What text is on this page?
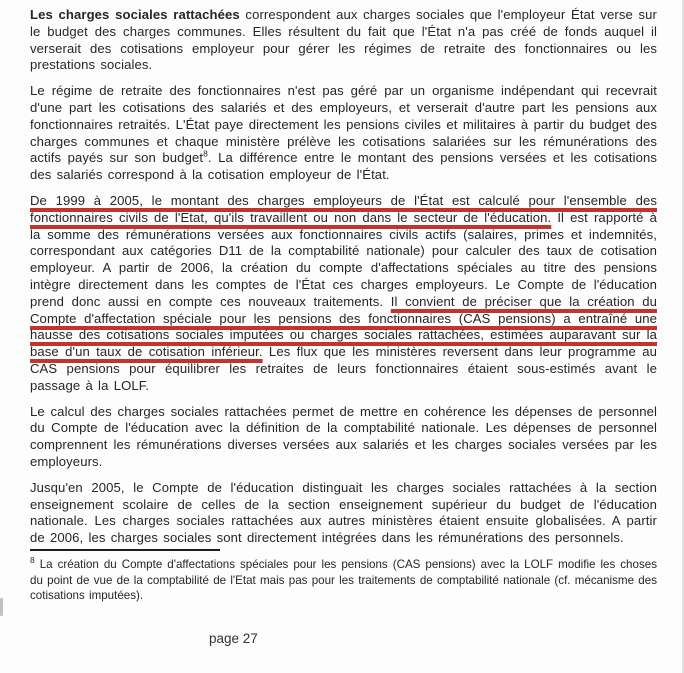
Les charges sociales rattachées correspondent aux charges sociales que l'employeur État verse sur le budget des charges communes. Elles résultent du fait que l'État n'a pas créé de fonds auquel il verserait des cotisations employeur pour gérer les régimes de retraite des fonctionnaires ou les prestations sociales.

Le régime de retraite des fonctionnaires n'est pas géré par un organisme indépendant qui recevrait d'une part les cotisations des salariés et des employeurs, et verserait d'autre part les pensions aux fonctionnaires retraités. L'État paye directement les pensions civiles et militaires à partir du budget des charges communes et chaque ministère prélève les cotisations salariées sur les rémunérations des actifs payés sur son budget$^8$. La différence entre le montant des pensions versées et les cotisations des salariés correspond à la cotisation employeur de l'État.

De 1999 à 2005, le montant des charges employeurs de l'État est calculé pour l'ensemble des fonctionnaires civils de l'Etat, qu'ils travaillent ou non dans le secteur de l'éducation. Il est rapporté à la somme des rémunérations versées aux fonctionnaires civils actifs (salaires, primes et indemnités, correspondant aux catégories D11 de la comptabilité nationale) pour calculer des taux de cotisation employeur. A partir de 2006, la création du compte d'affectations spéciales au titre des pensions intègre directement dans les comptes de l'État ces charges employeurs. Le Compte de l'éducation prend donc aussi en compte ces nouveaux traitements. Il convient de préciser que la création du Compte d'affectation spéciale pour les pensions des fonctionnaires (CAS pensions) a entraîné une hausse des cotisations sociales imputées ou charges sociales rattachées, estimées auparavant sur la base d'un taux de cotisation inférieur. Les flux que les ministères reversent dans leur programme au CAS pensions pour équilibrer les retraites de leurs fonctionnaires étaient sous-estimés avant le passage à la LOLF.

Le calcul des charges sociales rattachées permet de mettre en cohérence les dépenses de personnel du Compte de l'éducation avec la définition de la comptabilité nationale. Les dépenses de personnel comprennent les rémunérations diverses versées aux salariés et les charges sociales versées par les employeurs.

Jusqu'en 2005, le Compte de l'éducation distinguait les charges sociales rattachées à la section enseignement scolaire de celles de la section enseignement supérieur du budget de l'éducation nationale. Les charges sociales rattachées aux autres ministères étaient ensuite globalisées. A partir de 2006, les charges sociales sont directement intégrées dans les rémunérations des personnels.

$^8$ La création du Compte d'affectations spéciales pour les pensions (CAS pensions) avec la LOLF modifie les choses du point de vue de la comptabilité de l'Etat mais pas pour les traitements de comptabilité nationale (cf. mécanisme des cotisations imputées).

page 27
